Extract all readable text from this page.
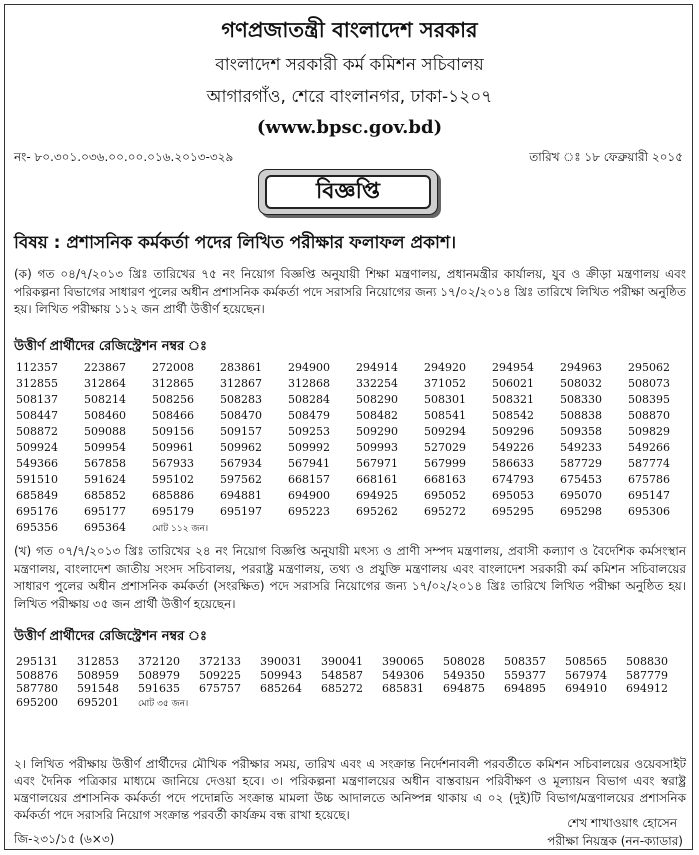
গণপ্রজাতন্ত্রী বাংলাদেশ সরকার
বাংলাদেশ সরকারী কর্ম কমিশন সচিবালয়
আগারগাঁও, শেরে বাংলানগর, ঢাকা-১২০৭
(www.bpsc.gov.bd)
নং- ৮০.৩০১.০৩৬.০০.০০.০১৬.২০১৩-৩২৯	তারিখ ঃ ১৮ ফেব্রুয়ারী ২০১৫
বিজ্ঞপ্তি
বিষয় : প্রশাসনিক কর্মকর্তা পদের লিখিত পরীক্ষার ফলাফল প্রকাশ।

(ক) গত ০৪/৭/২০১৩ খ্রিঃ তারিখের ৭৫ নং নিয়োগ বিজ্ঞপ্তি অনুযায়ী শিক্ষা মন্ত্রণালয়, প্রধানমন্ত্রীর কার্যালয়, যুব ও ক্রীড়া মন্ত্রণালয় এবং পরিকল্পনা বিভাগের সাধারণ পুলের অধীন প্রশাসনিক কর্মকর্তা পদে সরাসরি নিয়োগের জন্য ১৭/০২/২০১৪ খ্রিঃ তারিখে লিখিত পরীক্ষা অনুষ্ঠিত হয়। লিখিত পরীক্ষায় ১১২ জন প্রার্থী উত্তীর্ণ হয়েছেন।

উত্তীর্ণ প্রার্থীদের রেজিস্ট্রেশন নম্বর ঃ
112357 223867 272008 283861 294900 294914 294920 294954 294963 295062
312855 312864 312865 312867 312868 332254 371052 506021 508032 508073
508137 508214 508256 508283 508284 508290 508301 508321 508330 508395
508447 508460 508466 508470 508479 508482 508541 508542 508838 508870
508872 509088 509156 509157 509253 509290 509294 509296 509358 509829
509924 509954 509961 509962 509992 509993 527029 549226 549233 549266
549366 567858 567933 567934 567941 567971 567999 586633 587729 587774
591510 591624 595102 597562 668157 668161 668163 674793 675453 675786
685849 685852 685886 694881 694900 694925 695052 695053 695070 695147
695176 695177 695179 695197 695223 695262 695272 695295 695298 695306
695356 695364	মোট ১১২ জন।

(খ) গত ০৭/৭/২০১৩ খ্রিঃ তারিখের ২৪ নং নিয়োগ বিজ্ঞপ্তি অনুযায়ী মৎস্য ও প্রাণী সম্পদ মন্ত্রণালয়, প্রবাসী কল্যাণ ও বৈদেশিক কর্মসংস্থান মন্ত্রণালয়, বাংলাদেশ জাতীয় সংসদ সচিবালয়, পররাষ্ট্র মন্ত্রণালয়, তথ্য ও প্রযুক্তি মন্ত্রণালয় এবং বাংলাদেশ সরকারী কর্ম কমিশন সচিবালয়ের সাধারণ পুলের অধীন প্রশাসনিক কর্মকর্তা (সংরক্ষিত) পদে সরাসরি নিয়োগের জন্য ১৭/০২/২০১৪ খ্রিঃ তারিখে লিখিত পরীক্ষা অনুষ্ঠিত হয়। লিখিত পরীক্ষায় ৩৫ জন প্রার্থী উত্তীর্ণ হয়েছেন।

উত্তীর্ণ প্রার্থীদের রেজিস্ট্রেশন নম্বর ঃ
295131 312853 372120 372133 390031 390041 390065 508028 508357 508565 508830
508876 508959 508979 509225 509943 548587 549306 549350 559377 567974 587779
587780 591548 591635 675757 685264 685272 685831 694875 694895 694910 694912
695200 695201 মোট ৩৫ জন।

২। লিখিত পরীক্ষায় উত্তীর্ণ প্রার্থীদের মৌখিক পরীক্ষার সময়, তারিখ এবং এ সংক্রান্ত নির্দেশনাবলী পরবর্তীতে কমিশন সচিবালয়ের ওয়েবসাইট এবং দৈনিক পত্রিকার মাধ্যমে জানিয়ে দেওয়া হবে। ৩। পরিকল্পনা মন্ত্রণালয়ের অধীন বাস্তবায়ন পরিবীক্ষণ ও মূল্যায়ন বিভাগ এবং স্বরাষ্ট্র মন্ত্রণালয়ের প্রশাসনিক কর্মকর্তা পদে পদোন্নতি সংক্রান্ত মামলা উচ্চ আদালতে অনিষ্পন্ন থাকায় এ ০২ (দুই)টি বিভাগ/মন্ত্রণালয়ের প্রশাসনিক কর্মকর্তা পদে সরাসরি নিয়োগ সংক্রান্ত পরবর্তী কার্যক্রম বন্ধ রাখা হয়েছে।

শেখ শাখাওয়াৎ হোসেন
পরীক্ষা নিয়ন্ত্রক (নন-ক্যাডার)
জি-২৩১/১৫ (৬×৩)
